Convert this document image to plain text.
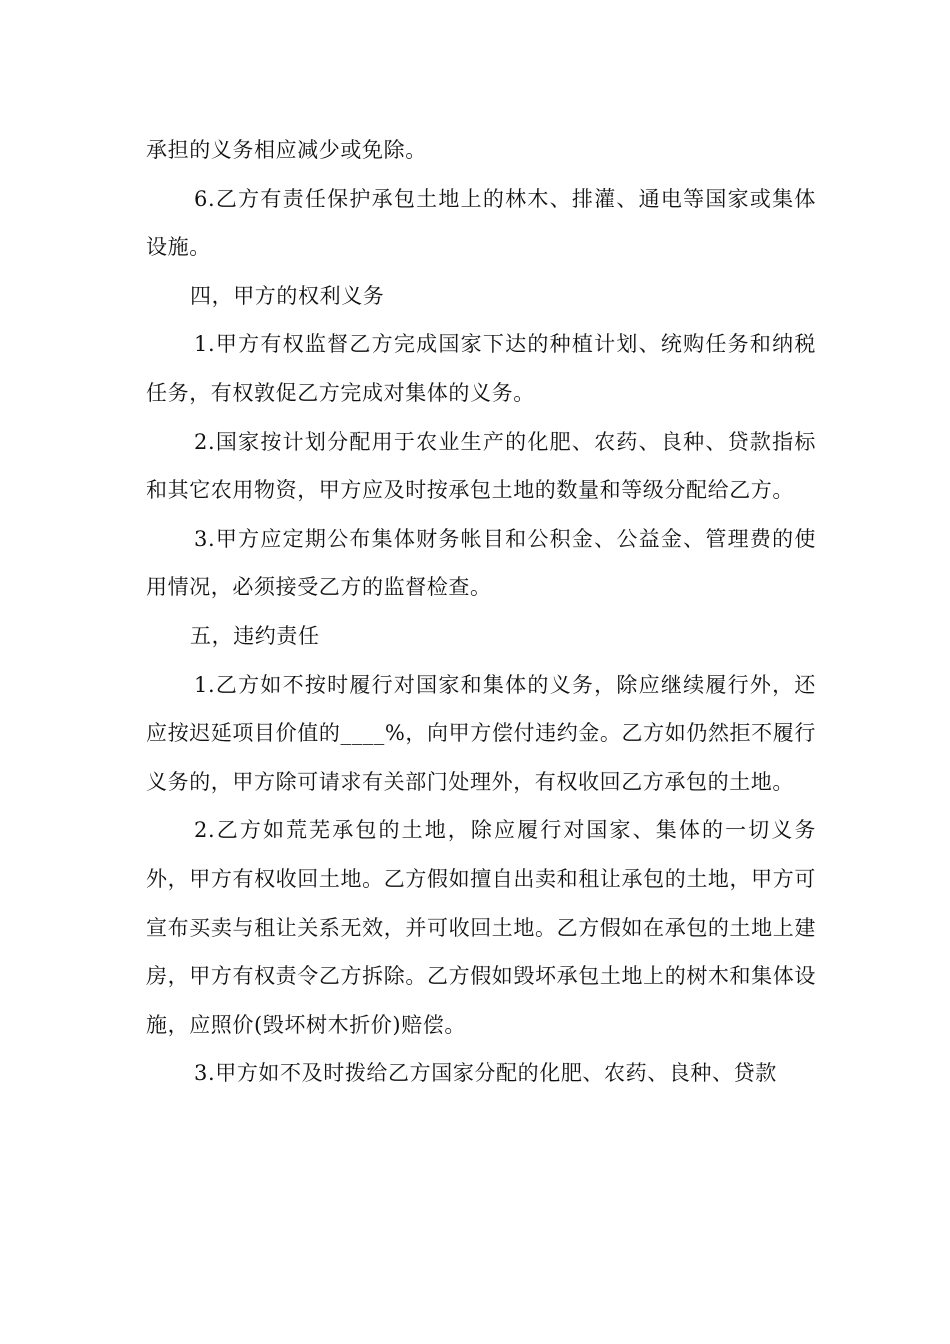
承担的义务相应减少或免除。

6.乙方有责任保护承包土地上的林木、排灌、通电等国家或集体设施。

四，甲方的权利义务

1.甲方有权监督乙方完成国家下达的种植计划、统购任务和纳税任务，有权敦促乙方完成对集体的义务。

2.国家按计划分配用于农业生产的化肥、农药、良种、贷款指标和其它农用物资，甲方应及时按承包土地的数量和等级分配给乙方。

3.甲方应定期公布集体财务帐目和公积金、公益金、管理费的使用情况，必须接受乙方的监督检查。

五，违约责任

1.乙方如不按时履行对国家和集体的义务，除应继续履行外，还应按迟延项目价值的____%，向甲方偿付违约金。乙方如仍然拒不履行义务的，甲方除可请求有关部门处理外，有权收回乙方承包的土地。

2.乙方如荒芜承包的土地，除应履行对国家、集体的一切义务外，甲方有权收回土地。乙方假如擅自出卖和租让承包的土地，甲方可宣布买卖与租让关系无效，并可收回土地。乙方假如在承包的土地上建房，甲方有权责令乙方拆除。乙方假如毁坏承包土地上的树木和集体设施，应照价(毁坏树木折价)赔偿。

3.甲方如不及时拨给乙方国家分配的化肥、农药、良种、贷款
